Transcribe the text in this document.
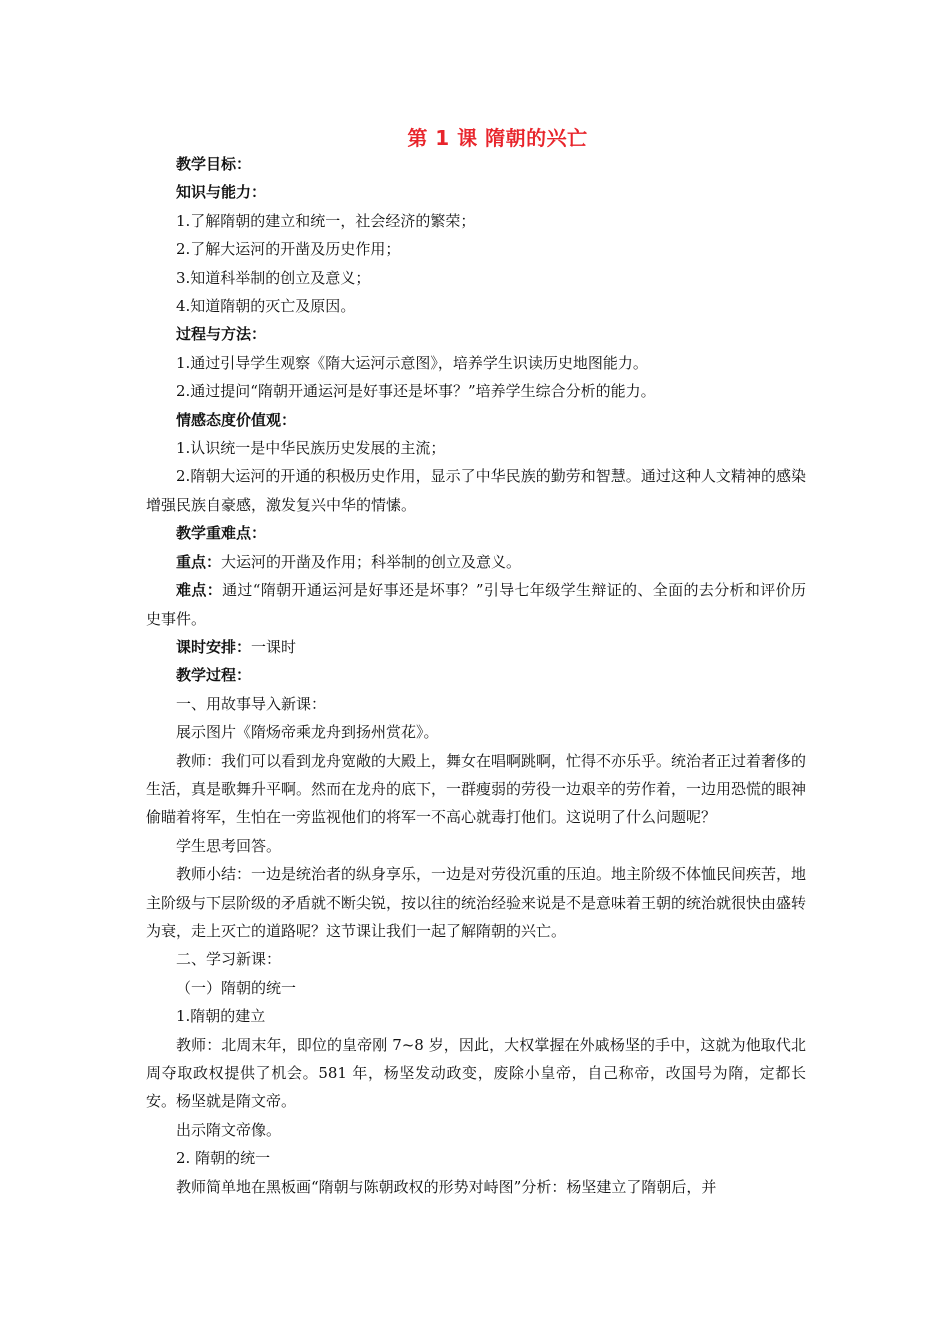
第 1 课 隋朝的兴亡

教学目标：

知识与能力：

1.了解隋朝的建立和统一，社会经济的繁荣；

2.了解大运河的开凿及历史作用；

3.知道科举制的创立及意义；

4.知道隋朝的灭亡及原因。

过程与方法：

1.通过引导学生观察《隋大运河示意图》，培养学生识读历史地图能力。

2.通过提问“隋朝开通运河是好事还是坏事？”培养学生综合分析的能力。

情感态度价值观：

1.认识统一是中华民族历史发展的主流；

2.隋朝大运河的开通的积极历史作用，显示了中华民族的勤劳和智慧。通过这种人文精神的感染增强民族自豪感，激发复兴中华的情愫。

教学重难点：

重点：大运河的开凿及作用；科举制的创立及意义。

难点：通过“隋朝开通运河是好事还是坏事？”引导七年级学生辩证的、全面的去分析和评价历史事件。

课时安排：一课时

教学过程：

一、用故事导入新课：

展示图片《隋炀帝乘龙舟到扬州赏花》。

教师：我们可以看到龙舟宽敞的大殿上，舞女在唱啊跳啊，忙得不亦乐乎。统治者正过着奢侈的生活，真是歌舞升平啊。然而在龙舟的底下，一群瘦弱的劳役一边艰辛的劳作着，一边用恐慌的眼神偷瞄着将军，生怕在一旁监视他们的将军一不高心就毒打他们。这说明了什么问题呢？

学生思考回答。

教师小结：一边是统治者的纵身享乐，一边是对劳役沉重的压迫。地主阶级不体恤民间疾苦，地主阶级与下层阶级的矛盾就不断尖锐，按以往的统治经验来说是不是意味着王朝的统治就很快由盛转为衰，走上灭亡的道路呢？这节课让我们一起了解隋朝的兴亡。

二、学习新课：

（一）隋朝的统一

1.隋朝的建立

教师：北周末年，即位的皇帝刚 7~8 岁，因此，大权掌握在外戚杨坚的手中，这就为他取代北周夺取政权提供了机会。581 年，杨坚发动政变，废除小皇帝，自己称帝，改国号为隋，定都长安。杨坚就是隋文帝。

出示隋文帝像。

2. 隋朝的统一

教师简单地在黑板画“隋朝与陈朝政权的形势对峙图”分析：杨坚建立了隋朝后，并
